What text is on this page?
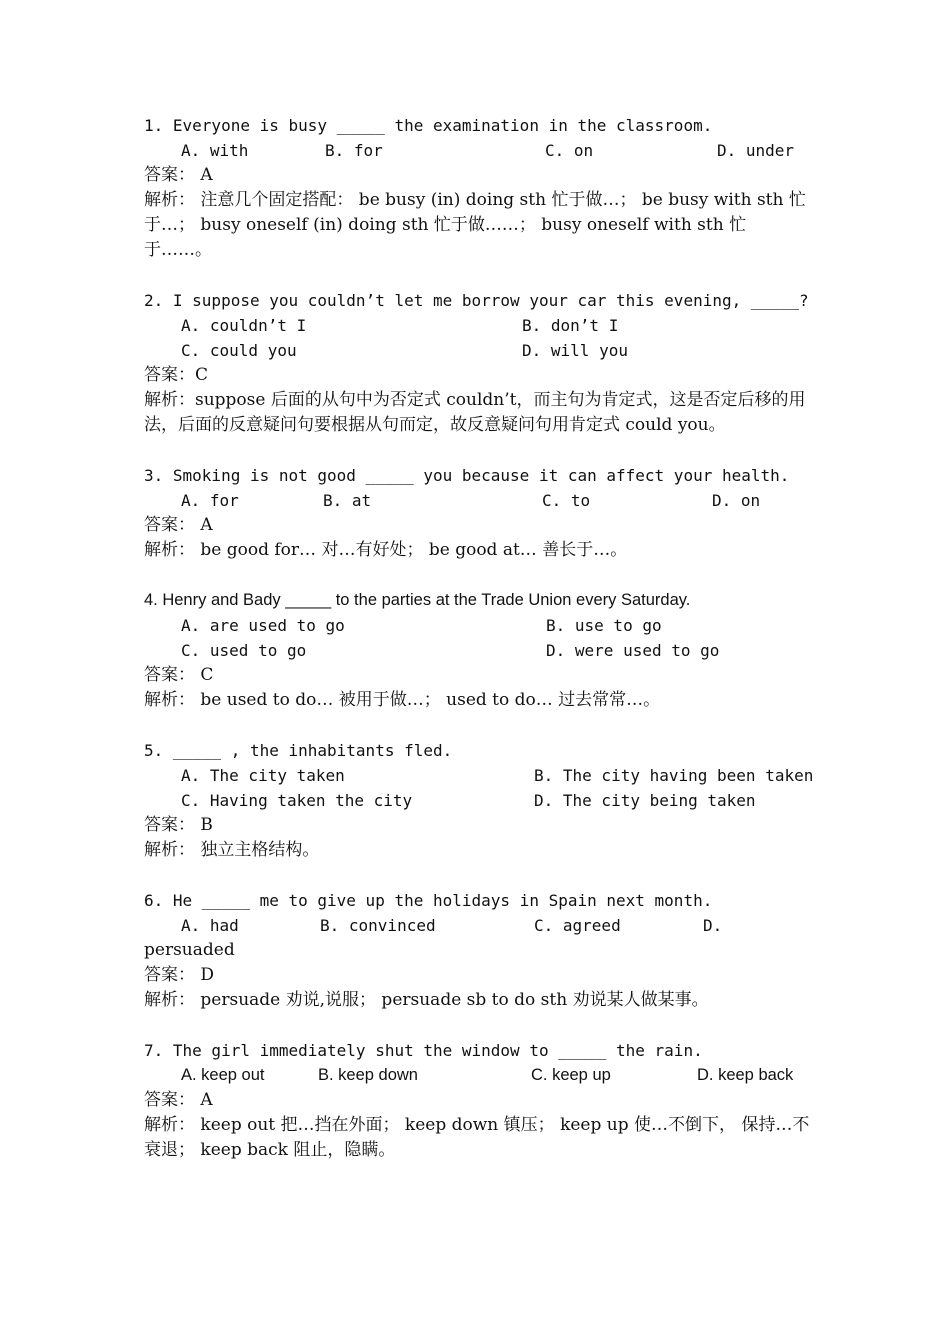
1. Everyone is busy _____ the examination in the classroom.
A. with	B. for	C. on	D. under
答案： A
解析： 注意几个固定搭配： be busy (in) doing sth 忙于做…； be busy with sth 忙于…； busy oneself (in) doing sth 忙于做……； busy oneself with sth 忙于……。
2. I suppose you couldn’t let me borrow your car this evening, _____?
A. couldn’t I	B. don’t I
C. could you	D. will you
答案：C
解析：suppose 后面的从句中为否定式 couldn’t，而主句为肯定式，这是否定后移的用法，后面的反意疑问句要根据从句而定，故反意疑问句用肯定式 could you。
3. Smoking is not good _____ you because it can affect your health.
A. for	B. at	C. to	D. on
答案： A
解析： be good for… 对…有好处； be good at… 善长于…。
4. Henry and Bady _____ to the parties at the Trade Union every Saturday.
A. are used to go	B. use to go
C. used to go	D. were used to go
答案： C
解析： be used to do… 被用于做…； used to do… 过去常常…。
5. _____ , the inhabitants fled.
A. The city taken	B. The city having been taken
C. Having taken the city	D. The city being taken
答案： B
解析： 独立主格结构。
6. He _____ me to give up the holidays in Spain next month.
A. had	B. convinced	C. agreed	D.
persuaded
答案： D
解析： persuade 劝说,说服； persuade sb to do sth 劝说某人做某事。
7. The girl immediately shut the window to _____ the rain.
A. keep out	B. keep down	C. keep up	D. keep back
答案： A
解析： keep out 把…挡在外面； keep down 镇压； keep up 使…不倒下， 保持…不衰退； keep back 阻止，隐瞒。
